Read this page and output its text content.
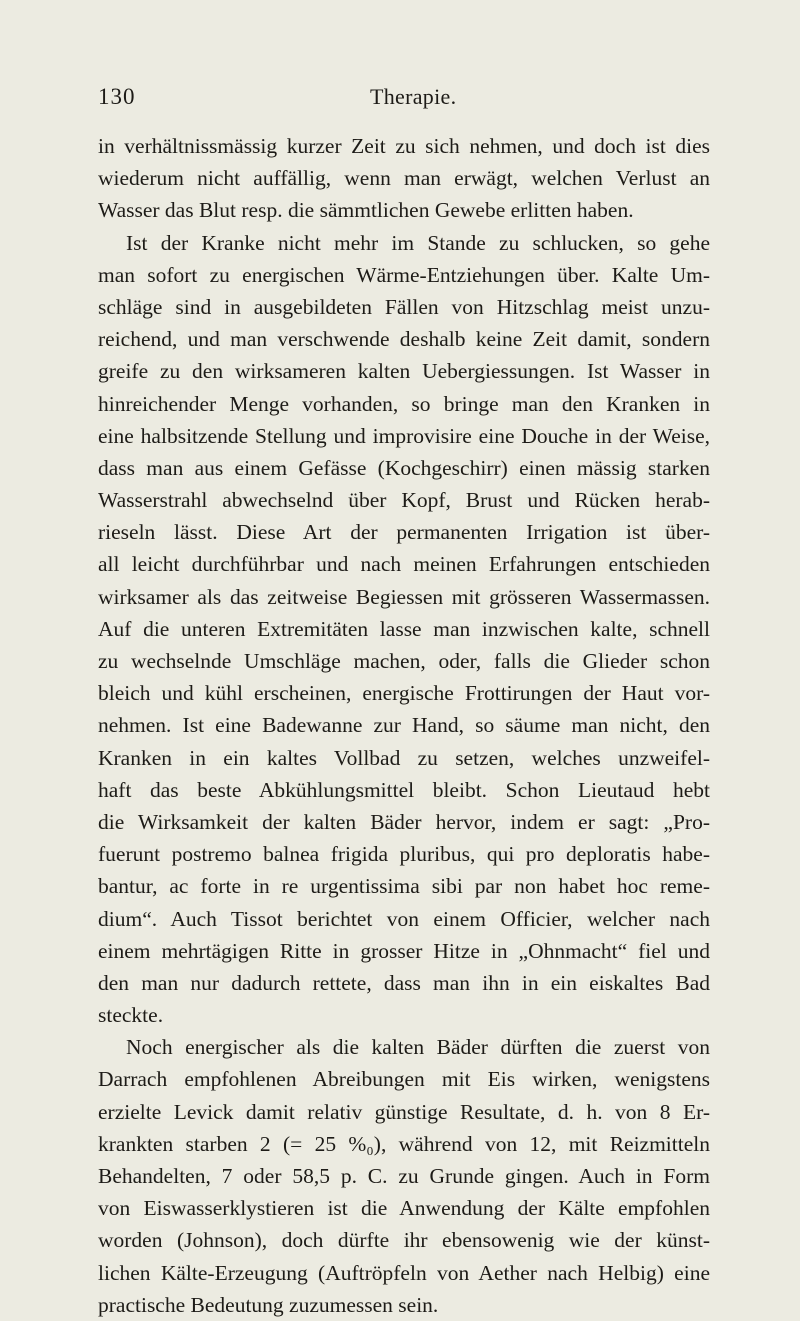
130	Therapie.
in verhältnissmässig kurzer Zeit zu sich nehmen, und doch ist dies
wiederum nicht auffällig, wenn man erwägt, welchen Verlust an
Wasser das Blut resp. die sämmtlichen Gewebe erlitten haben.
Ist der Kranke nicht mehr im Stande zu schlucken, so gehe
man sofort zu energischen Wärme-Entziehungen über. Kalte Um-
schläge sind in ausgebildeten Fällen von Hitzschlag meist unzu-
reichend, und man verschwende deshalb keine Zeit damit, sondern
greife zu den wirksameren kalten Uebergiessungen. Ist Wasser in
hinreichender Menge vorhanden, so bringe man den Kranken in
eine halbsitzende Stellung und improvisire eine Douche in der Weise,
dass man aus einem Gefässe (Kochgeschirr) einen mässig starken
Wasserstrahl abwechselnd über Kopf, Brust und Rücken herab-
rieseln lässt. Diese Art der permanenten Irrigation ist über-
all leicht durchführbar und nach meinen Erfahrungen entschieden
wirksamer als das zeitweise Begiessen mit grösseren Wassermassen.
Auf die unteren Extremitäten lasse man inzwischen kalte, schnell
zu wechselnde Umschläge machen, oder, falls die Glieder schon
bleich und kühl erscheinen, energische Frottirungen der Haut vor-
nehmen. Ist eine Badewanne zur Hand, so säume man nicht, den
Kranken in ein kaltes Vollbad zu setzen, welches unzweifel-
haft das beste Abkühlungsmittel bleibt. Schon Lieutaud hebt
die Wirksamkeit der kalten Bäder hervor, indem er sagt: „Pro-
fuerunt postremo balnea frigida pluribus, qui pro deploratis habe-
bantur, ac forte in re urgentissima sibi par non habet hoc reme-
dium“. Auch Tissot berichtet von einem Officier, welcher nach
einem mehrtägigen Ritte in grosser Hitze in „Ohnmacht“ fiel und
den man nur dadurch rettete, dass man ihn in ein eiskaltes Bad
steckte.
Noch energischer als die kalten Bäder dürften die zuerst von
Darrach empfohlenen Abreibungen mit Eis wirken, wenigstens
erzielte Levick damit relativ günstige Resultate, d. h. von 8 Er-
krankten starben 2 (= 25 %₀), während von 12, mit Reizmitteln
Behandelten, 7 oder 58,5 p. C. zu Grunde gingen. Auch in Form
von Eiswasserklystieren ist die Anwendung der Kälte empfohlen
worden (Johnson), doch dürfte ihr ebensowenig wie der künst-
lichen Kälte-Erzeugung (Auftröpfeln von Aether nach Helbig) eine
practische Bedeutung zuzumessen sein.
